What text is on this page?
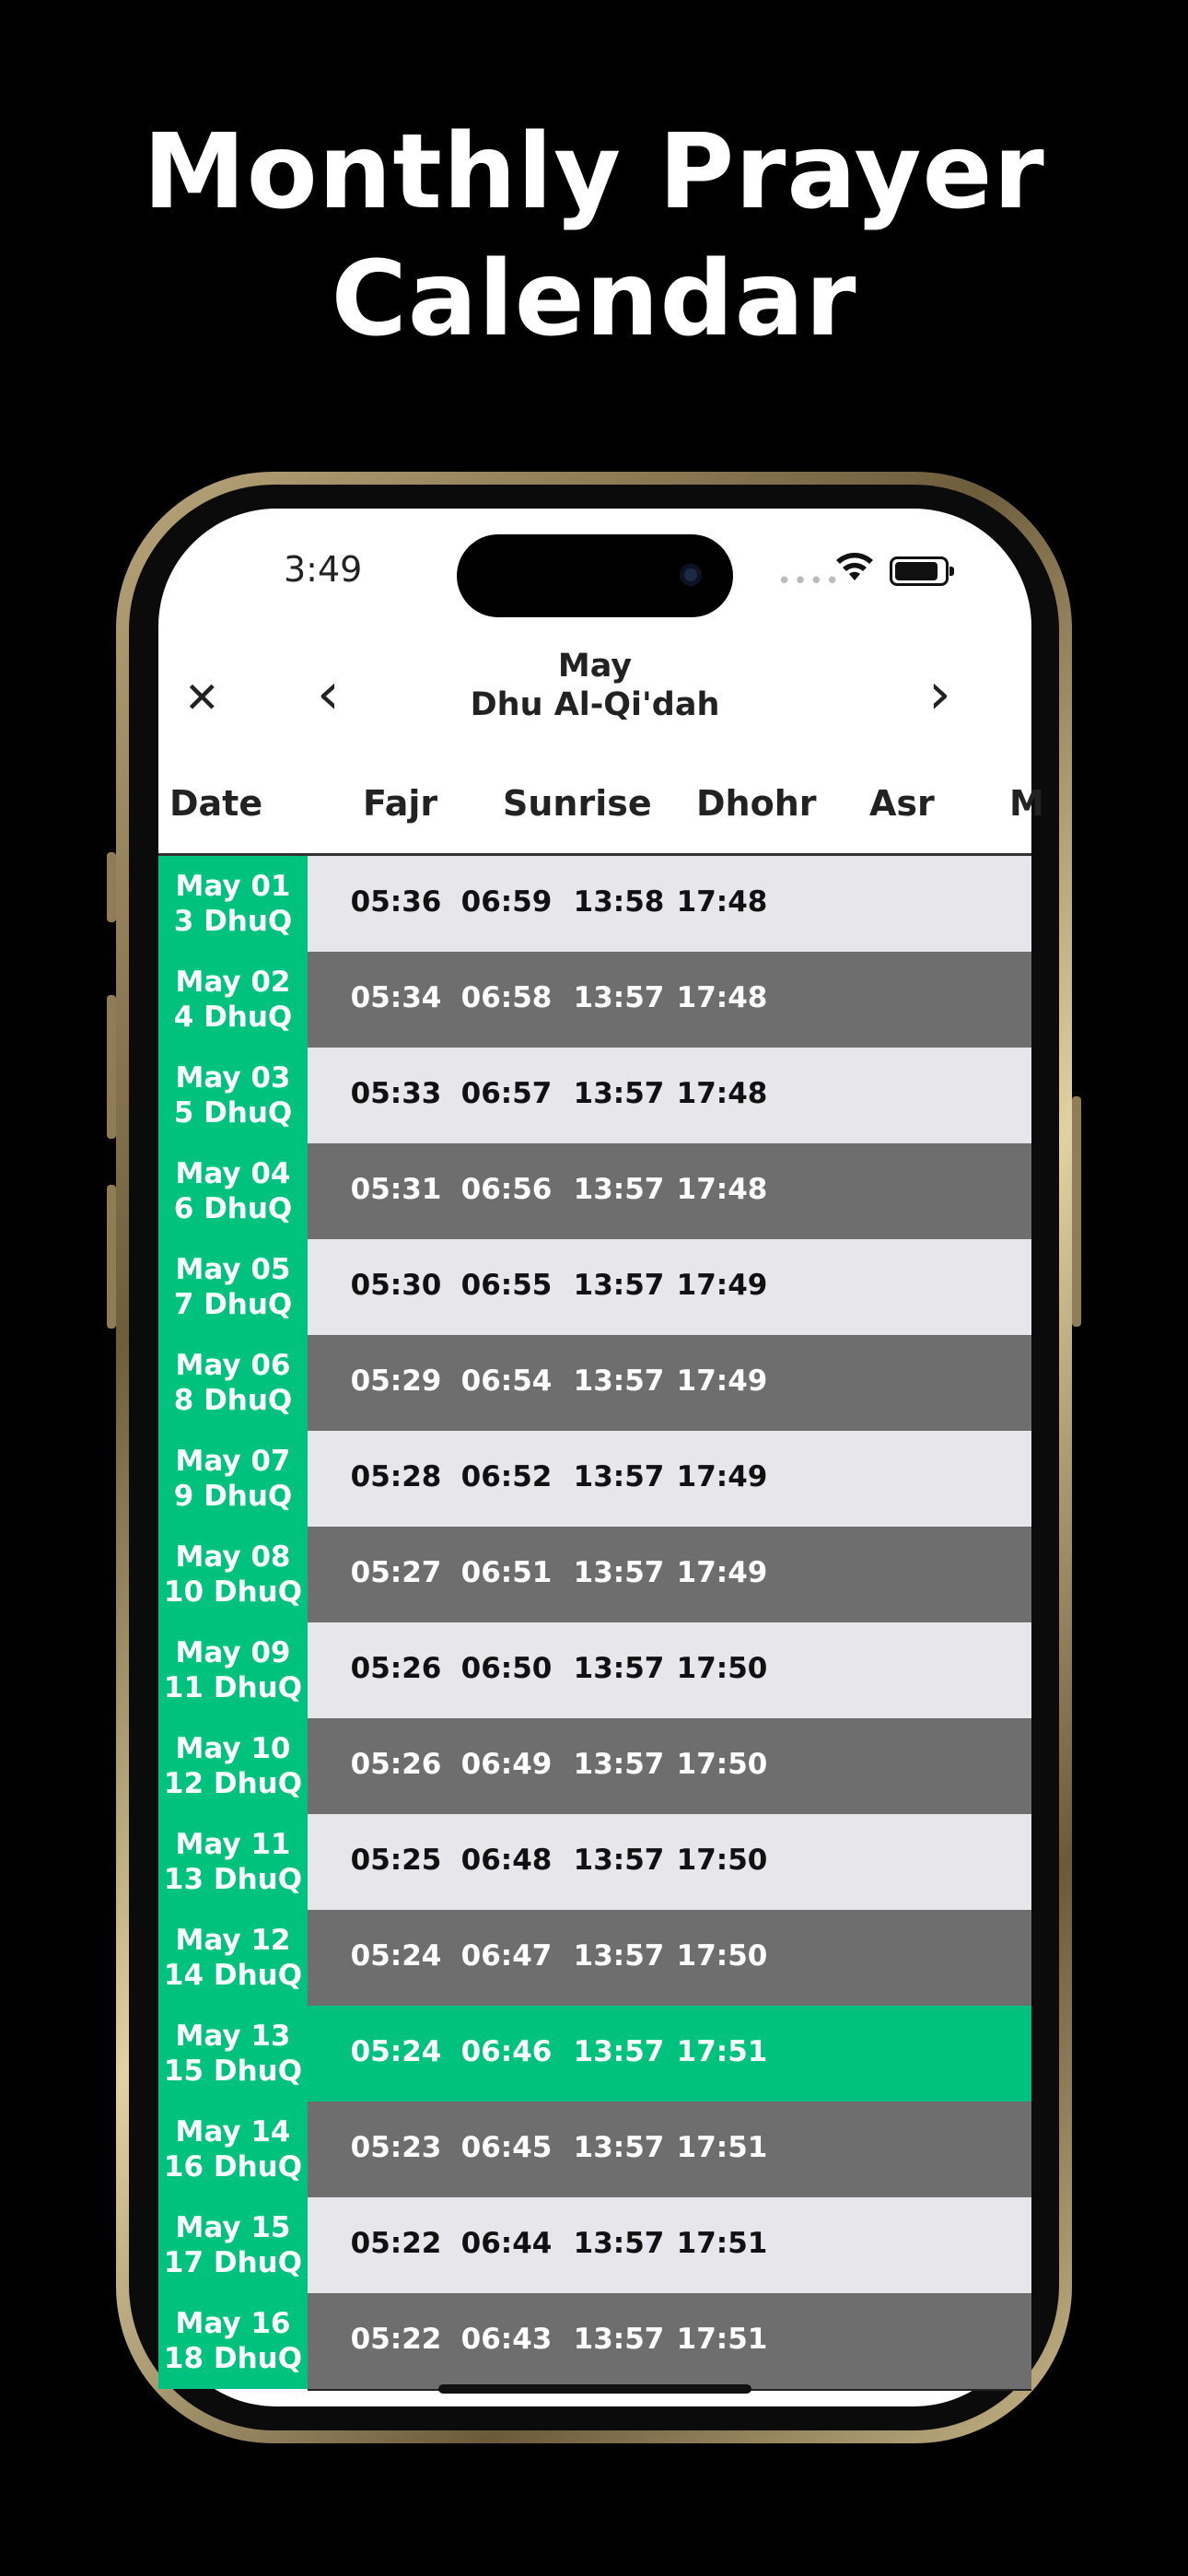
Monthly Prayer
Calendar
3:49	••••
✕ ‹	›
May
Dhu Al-Qi'dah
Date	Fajr Sunrise Dhohr Asr M
May 01
3 DhuQ
05:36 06:59 13:58 17:48
May 02
4 DhuQ
05:34 06:58 13:57 17:48
May 03
5 DhuQ
05:33 06:57 13:57 17:48
May 04
6 DhuQ
05:31 06:56 13:57 17:48
May 05
7 DhuQ
05:30 06:55 13:57 17:49
May 06
8 DhuQ
05:29 06:54 13:57 17:49
May 07
9 DhuQ
05:28 06:52 13:57 17:49
May 08
10 DhuQ
05:27 06:51 13:57 17:49
May 09
11 DhuQ
05:26 06:50 13:57 17:50
May 10
12 DhuQ
05:26 06:49 13:57 17:50
May 11
13 DhuQ
05:25 06:48 13:57 17:50
May 12
14 DhuQ
05:24 06:47 13:57 17:50
May 13
15 DhuQ
05:24 06:46 13:57 17:51
May 14
16 DhuQ
05:23 06:45 13:57 17:51
May 15
17 DhuQ
05:22 06:44 13:57 17:51
May 16
18 DhuQ
05:22 06:43 13:57 17:51
